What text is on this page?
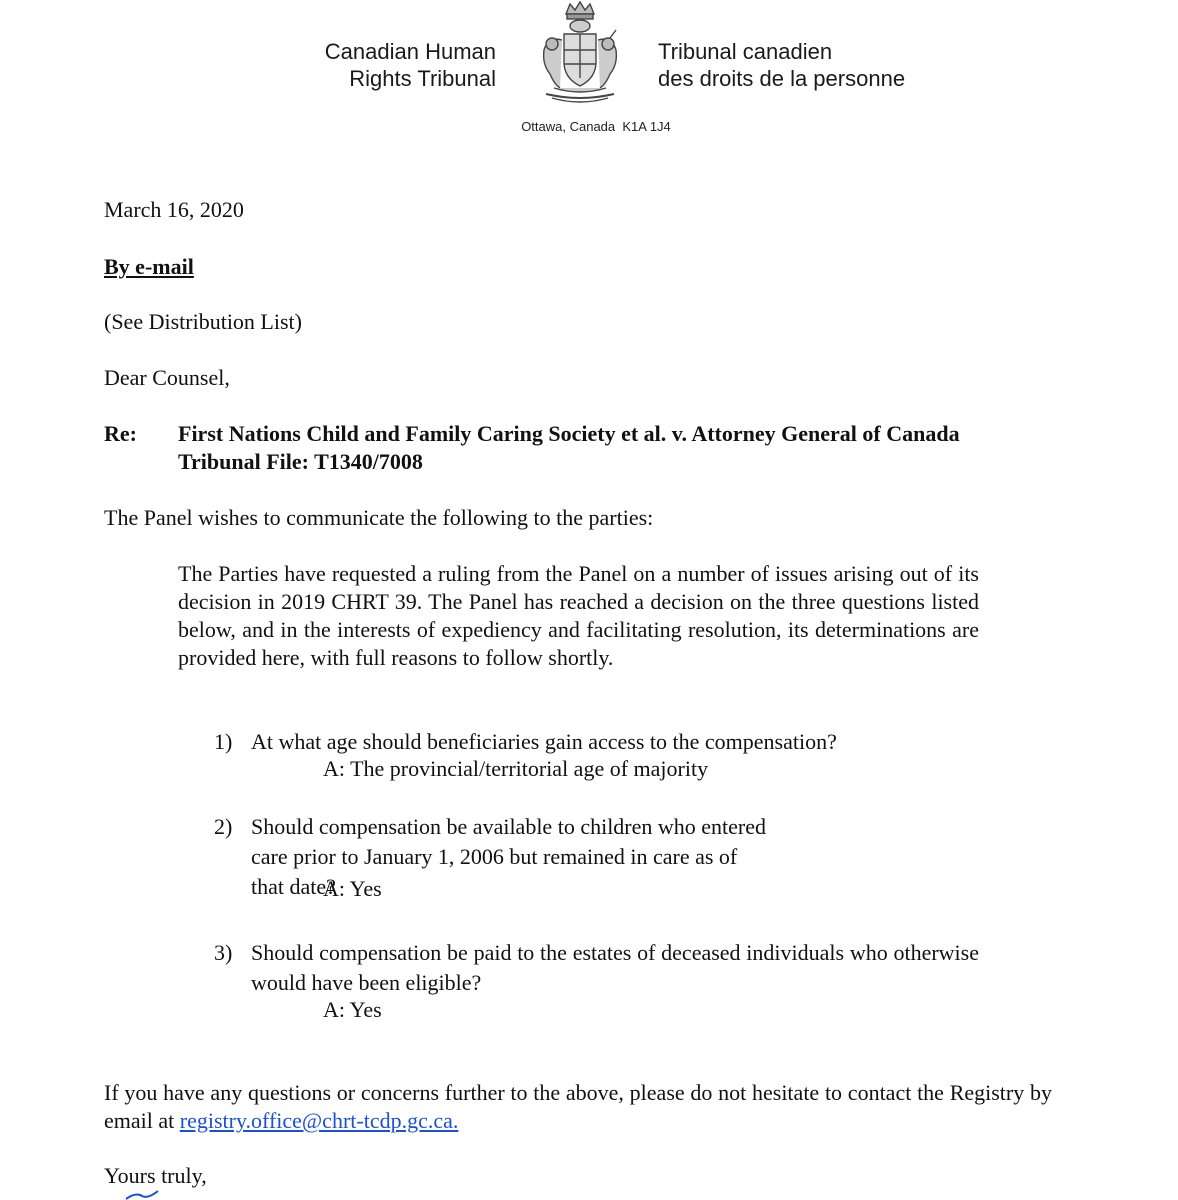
Canadian Human
Rights Tribunal
Tribunal canadien
des droits de la personne
Ottawa, Canada  K1A 1J4
March 16, 2020
By e-mail
(See Distribution List)
Dear Counsel,
Re: First Nations Child and Family Caring Society et al. v. Attorney General of Canada
Tribunal File: T1340/7008
The Panel wishes to communicate the following to the parties:
The Parties have requested a ruling from the Panel on a number of issues arising out of its decision in 2019 CHRT 39. The Panel has reached a decision on the three questions listed below, and in the interests of expediency and facilitating resolution, its determinations are provided here, with full reasons to follow shortly.
1) At what age should beneficiaries gain access to the compensation?
A: The provincial/territorial age of majority
2) Should compensation be available to children who entered care prior to January 1, 2006 but remained in care as of that date?
A: Yes
3) Should compensation be paid to the estates of deceased individuals who otherwise would have been eligible?
A: Yes
If you have any questions or concerns further to the above, please do not hesitate to contact the Registry by email at registry.office@chrt-tcdp.gc.ca.
Yours truly,
